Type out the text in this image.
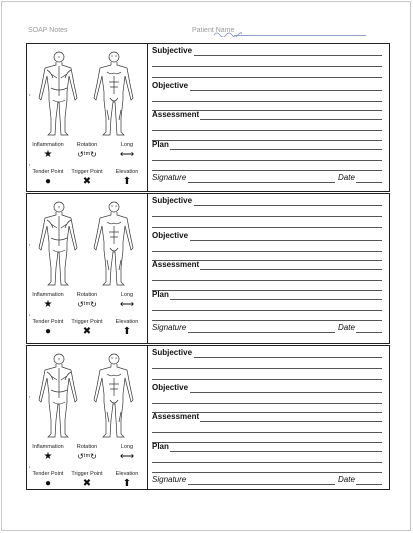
SOAP Notes	Patient Name
•
•
Inflammation
★
Rotation
↺ᵗᵐ↻
Long
⟷
Tender Point
●
Trigger Point
✖
Elevation
⬆
Subjective
Objective
Assessment
Plan
Signature	Date
•
•
Inflammation
★
Rotation
↺ᵗᵐ↻
Long
⟷
Tender Point
●
Trigger Point
✖
Elevation
⬆
Subjective
Objective
Assessment
Plan
Signature	Date
•
•
Inflammation
★
Rotation
↺ᵗᵐ↻
Long
⟷
Tender Point
●
Trigger Point
✖
Elevation
⬆
Subjective
Objective
Assessment
Plan
Signature	Date
